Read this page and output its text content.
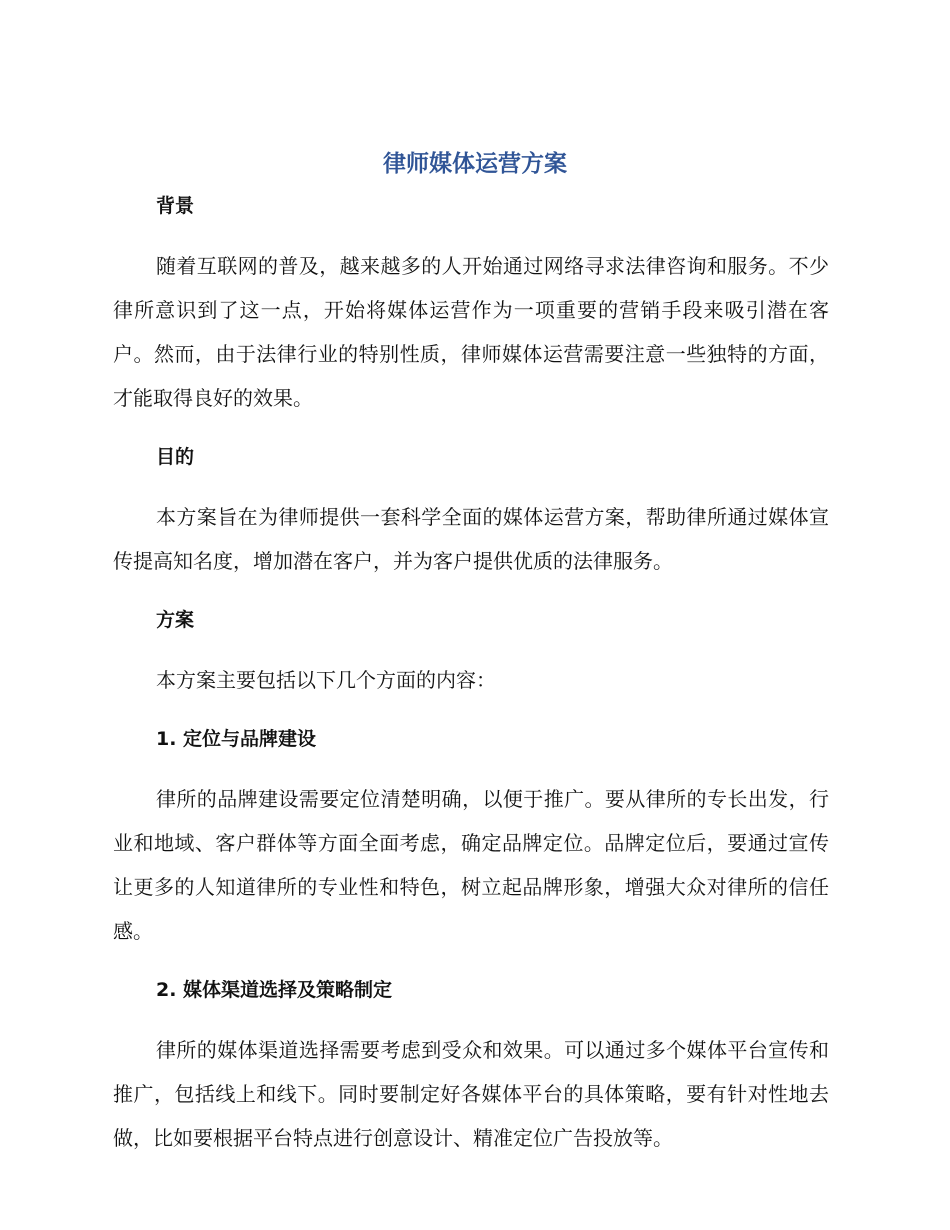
律师媒体运营方案
背景

随着互联网的普及，越来越多的人开始通过网络寻求法律咨询和服务。不少律所意识到了这一点，开始将媒体运营作为一项重要的营销手段来吸引潜在客户。然而，由于法律行业的特别性质，律师媒体运营需要注意一些独特的方面，才能取得良好的效果。

目的

本方案旨在为律师提供一套科学全面的媒体运营方案，帮助律所通过媒体宣传提高知名度，增加潜在客户，并为客户提供优质的法律服务。

方案

本方案主要包括以下几个方面的内容：

1. 定位与品牌建设

律所的品牌建设需要定位清楚明确，以便于推广。要从律所的专长出发，行业和地域、客户群体等方面全面考虑，确定品牌定位。品牌定位后，要通过宣传让更多的人知道律所的专业性和特色，树立起品牌形象，增强大众对律所的信任感。

2. 媒体渠道选择及策略制定

律所的媒体渠道选择需要考虑到受众和效果。可以通过多个媒体平台宣传和推广，包括线上和线下。同时要制定好各媒体平台的具体策略，要有针对性地去做，比如要根据平台特点进行创意设计、精准定位广告投放等。
